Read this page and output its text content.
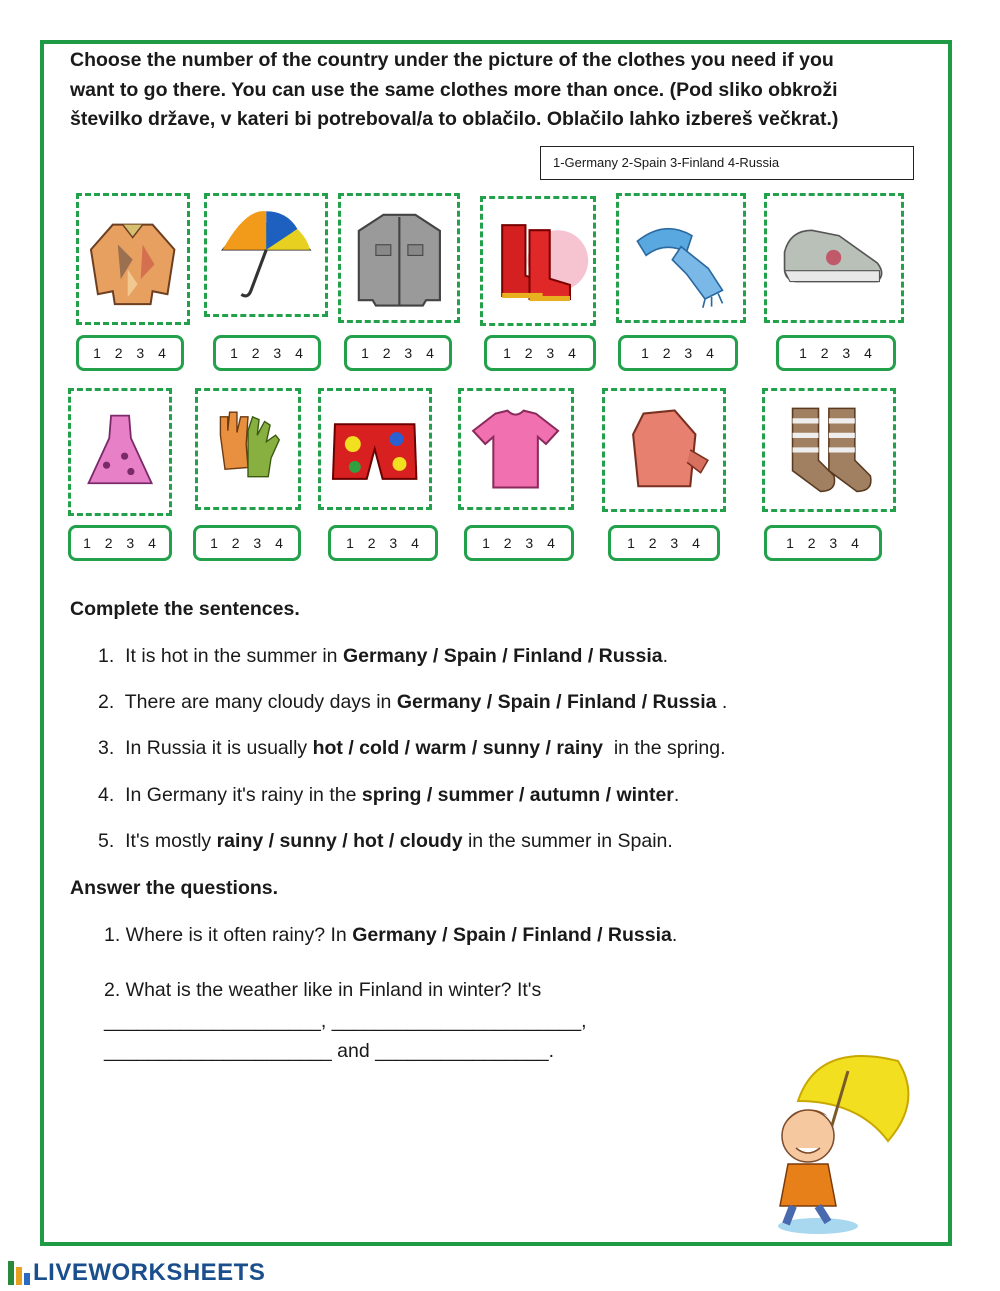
Choose the number of the country under the picture of the clothes you need if you want to go there. You can use the same clothes more than once. (Pod sliko obkroži številko države, v kateri bi potreboval/a to oblačilo. Oblačilo lahko izbereš večkrat.)
1-Germany 2-Spain 3-Finland 4-Russia
1 2 3 4	1 2 3 4	1 2 3 4	1 2 3 4	1 2 3 4	1 2 3 4
1 2 3 4	1 2 3 4	1 2 3 4	1 2 3 4	1 2 3 4	1 2 3 4
Complete the sentences.
1. It is hot in the summer in Germany / Spain / Finland / Russia.
2. There are many cloudy days in Germany / Spain / Finland / Russia .
3. In Russia it is usually hot / cold / warm / sunny / rainy  in the spring.
4. In Germany it's rainy in the spring / summer / autumn / winter.
5. It's mostly rainy / sunny / hot / cloudy in the summer in Spain.
Answer the questions.
1. Where is it often rainy? In Germany / Spain / Finland / Russia.
2. What is the weather like in Finland in winter? It's
____________________, _______________________,
_____________________ and ________________.
LIVEWORKSHEETS
